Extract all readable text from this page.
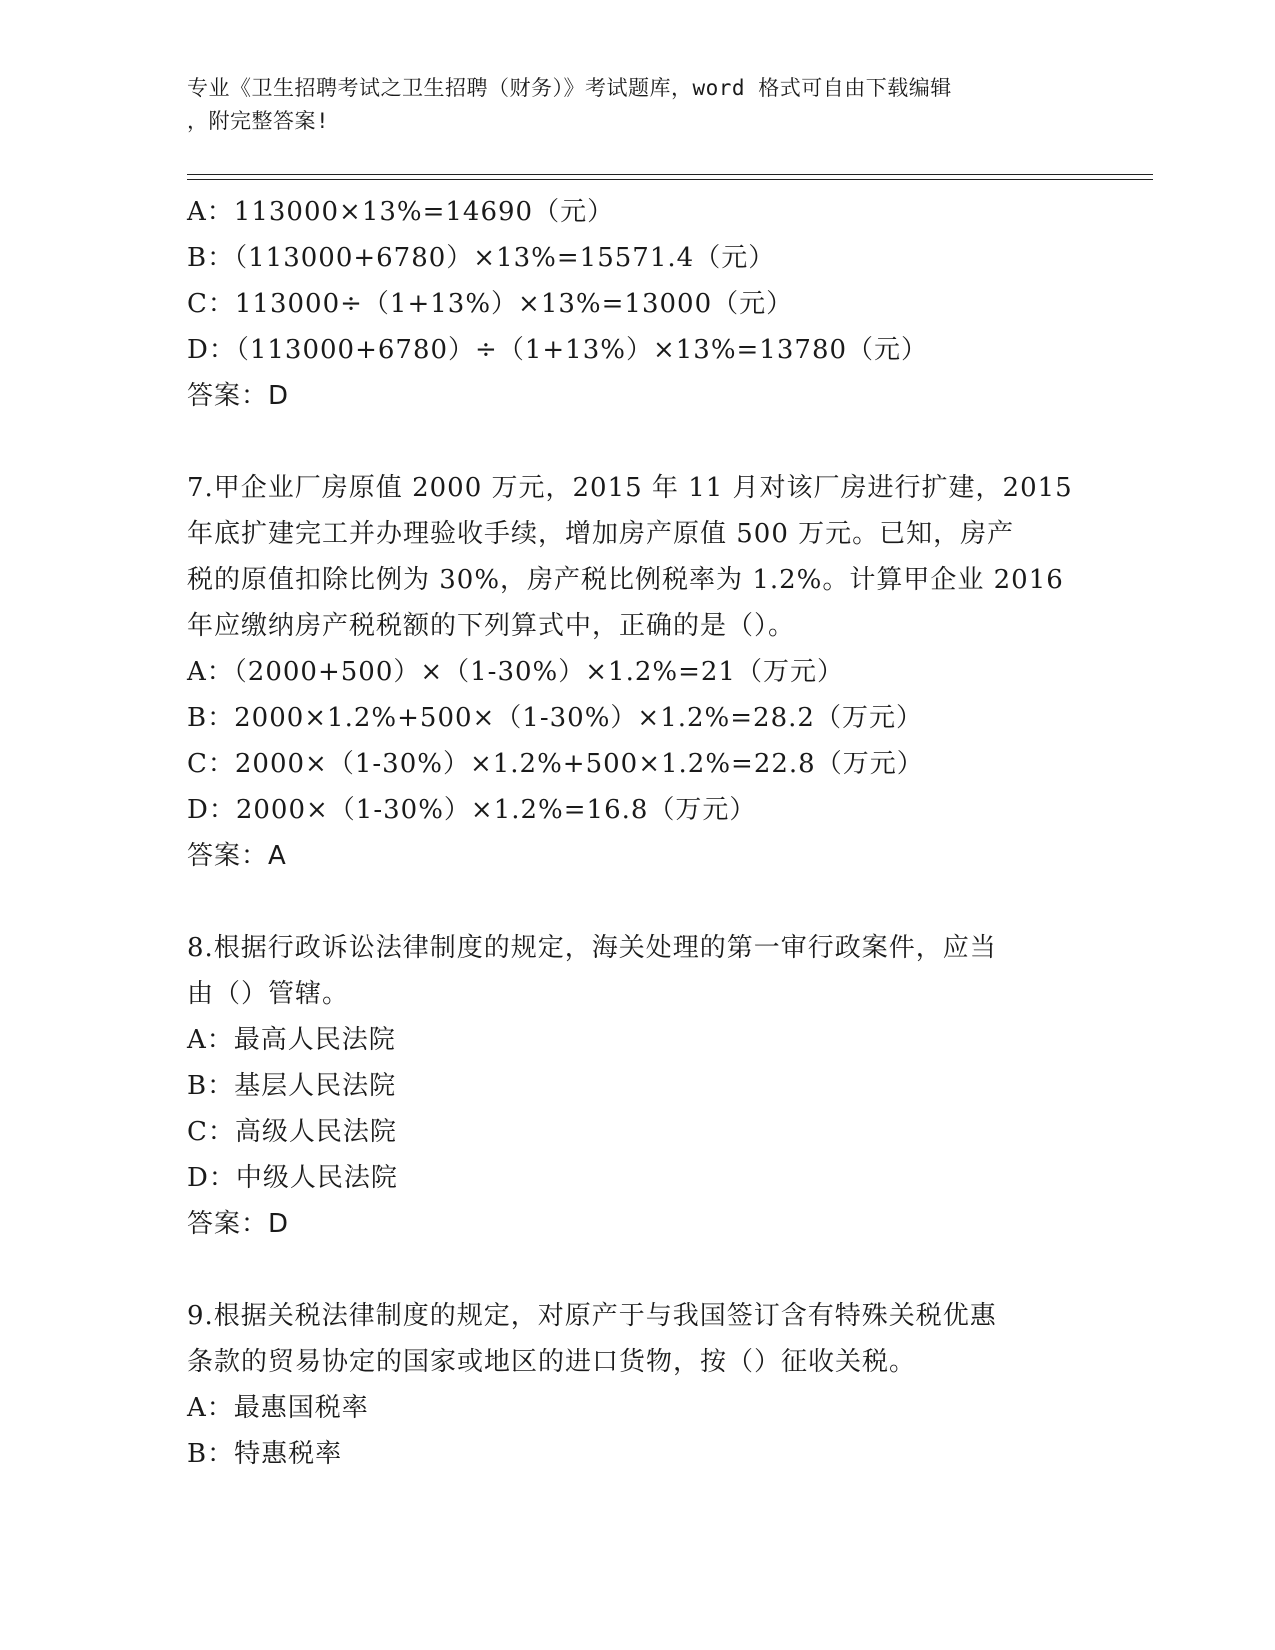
专业《卫生招聘考试之卫生招聘（财务）》考试题库，word 格式可自由下载编辑
，附完整答案!
A：113000×13%=14690（元）
B：（113000+6780）×13%=15571.4（元）
C：113000÷（1+13%）×13%=13000（元）
D：（113000+6780）÷（1+13%）×13%=13780（元）
答案：D
7.甲企业厂房原值 2000 万元，2015 年 11 月对该厂房进行扩建，2015
年底扩建完工并办理验收手续，增加房产原值 500 万元。已知，房产
税的原值扣除比例为 30%，房产税比例税率为 1.2%。计算甲企业 2016
年应缴纳房产税税额的下列算式中，正确的是（）。
A：（2000+500）×（1-30%）×1.2%=21（万元）
B：2000×1.2%+500×（1-30%）×1.2%=28.2（万元）
C：2000×（1-30%）×1.2%+500×1.2%=22.8（万元）
D：2000×（1-30%）×1.2%=16.8（万元）
答案：A
8.根据行政诉讼法律制度的规定，海关处理的第一审行政案件，应当
由（）管辖。
A：最高人民法院
B：基层人民法院
C：高级人民法院
D：中级人民法院
答案：D
9.根据关税法律制度的规定，对原产于与我国签订含有特殊关税优惠
条款的贸易协定的国家或地区的进口货物，按（）征收关税。
A：最惠国税率
B：特惠税率
